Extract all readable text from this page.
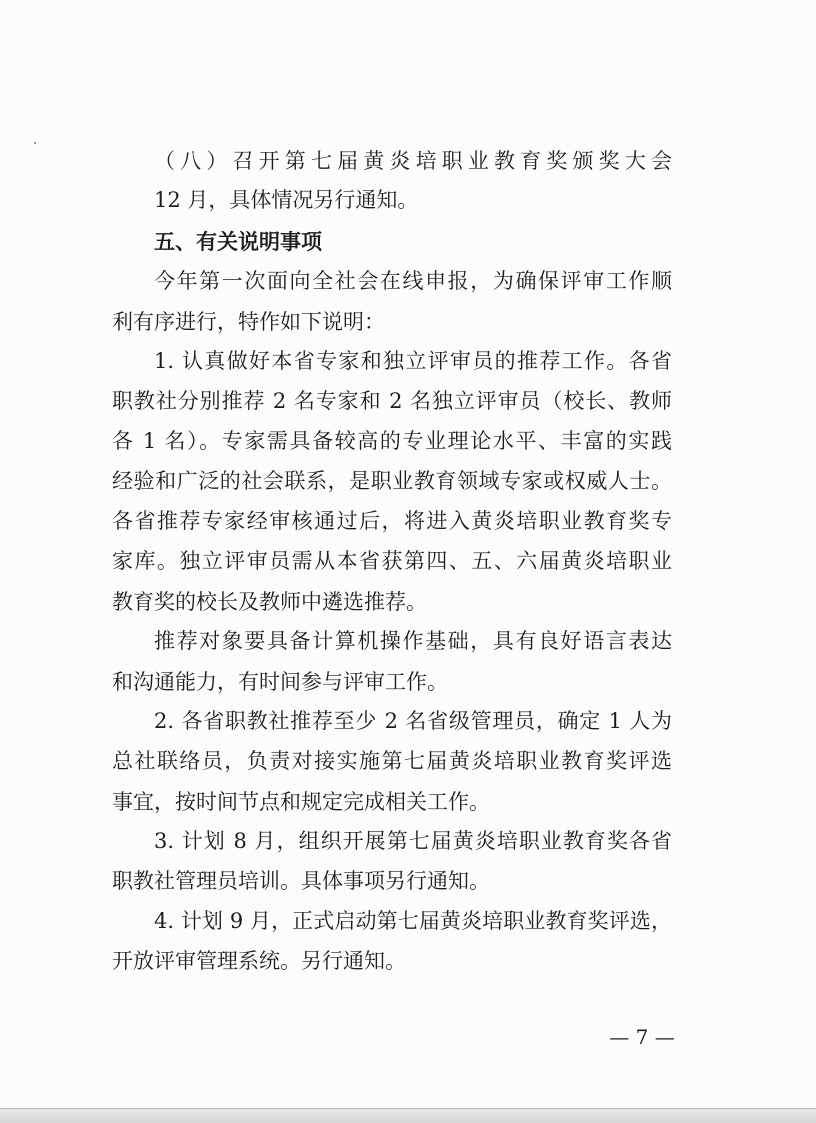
（八）召开第七届黄炎培职业教育奖颁奖大会
12 月，具体情况另行通知。
五、有关说明事项
今年第一次面向全社会在线申报，为确保评审工作顺
利有序进行，特作如下说明：
1. 认真做好本省专家和独立评审员的推荐工作。各省
职教社分别推荐 2 名专家和 2 名独立评审员（校长、教师
各 1 名）。专家需具备较高的专业理论水平、丰富的实践
经验和广泛的社会联系，是职业教育领域专家或权威人士。
各省推荐专家经审核通过后，将进入黄炎培职业教育奖专
家库。独立评审员需从本省获第四、五、六届黄炎培职业
教育奖的校长及教师中遴选推荐。
推荐对象要具备计算机操作基础，具有良好语言表达
和沟通能力，有时间参与评审工作。
2. 各省职教社推荐至少 2 名省级管理员，确定 1 人为
总社联络员，负责对接实施第七届黄炎培职业教育奖评选
事宜，按时间节点和规定完成相关工作。
3. 计划 8 月，组织开展第七届黄炎培职业教育奖各省
职教社管理员培训。具体事项另行通知。
4. 计划 9 月，正式启动第七届黄炎培职业教育奖评选，
开放评审管理系统。另行通知。
— 7 —
